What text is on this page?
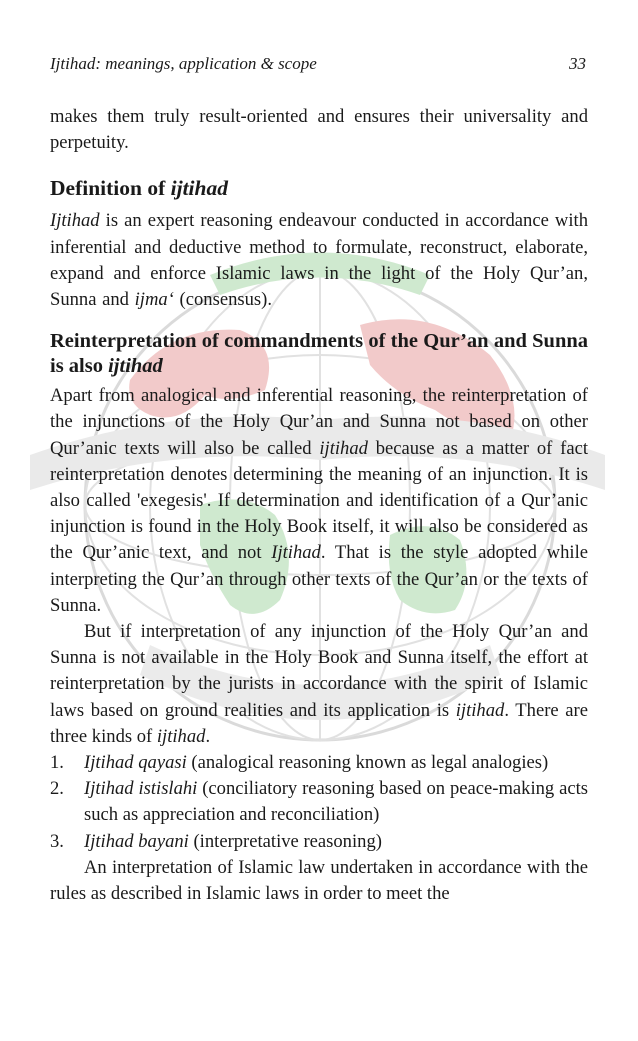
Ijtihad: meanings, application & scope	33

makes them truly result-oriented and ensures their universality and perpetuity.

Definition of ijtihad

Ijtihad is an expert reasoning endeavour conducted in accordance with inferential and deductive method to formulate, reconstruct, elaborate, expand and enforce Islamic laws in the light of the Holy Qur’an, Sunna and ijma‘ (consensus).

Reinterpretation of commandments of the Qur’an and Sunna is also ijtihad

Apart from analogical and inferential reasoning, the reinterpretation of the injunctions of the Holy Qur’an and Sunna not based on other Qur’anic texts will also be called ijtihad because as a matter of fact reinterpretation denotes determining the meaning of an injunction. It is also called 'exegesis'. If determination and identification of a Qur’anic injunction is found in the Holy Book itself, it will also be considered as the Qur’anic text, and not Ijtihad. That is the style adopted while interpreting the Qur’an through other texts of the Qur’an or the texts of Sunna.

But if interpretation of any injunction of the Holy Qur’an and Sunna is not available in the Holy Book and Sunna itself, the effort at reinterpretation by the jurists in accordance with the spirit of Islamic laws based on ground realities and its application is ijtihad. There are three kinds of ijtihad.

1. Ijtihad qayasi (analogical reasoning known as legal analogies)
2. Ijtihad istislahi (conciliatory reasoning based on peace-making acts such as appreciation and reconciliation)
3. Ijtihad bayani (interpretative reasoning)

An interpretation of Islamic law undertaken in accordance with the rules as described in Islamic laws in order to meet the
